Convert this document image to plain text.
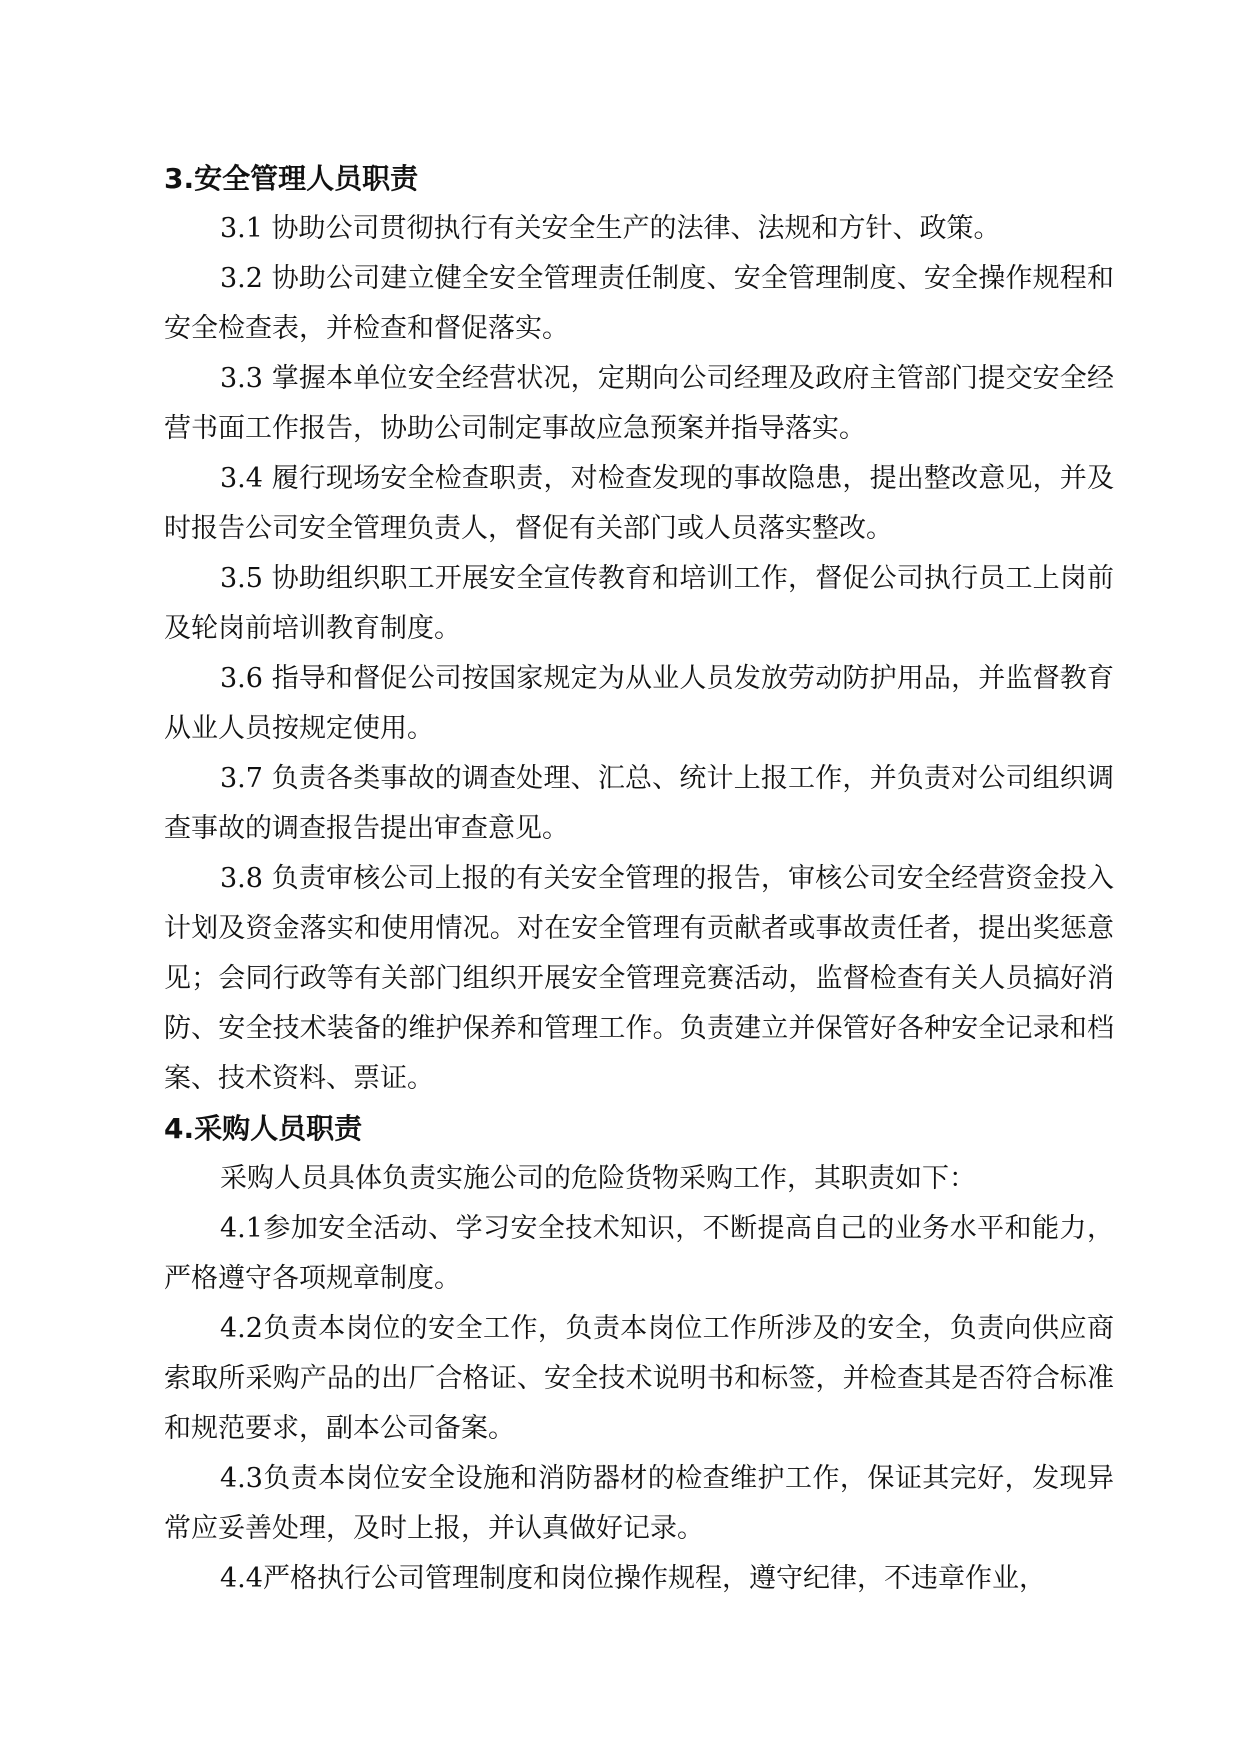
3.安全管理人员职责

3.1 协助公司贯彻执行有关安全生产的法律、法规和方针、政策。

3.2 协助公司建立健全安全管理责任制度、安全管理制度、安全操作规程和安全检查表，并检查和督促落实。

3.3 掌握本单位安全经营状况，定期向公司经理及政府主管部门提交安全经营书面工作报告，协助公司制定事故应急预案并指导落实。

3.4 履行现场安全检查职责，对检查发现的事故隐患，提出整改意见，并及时报告公司安全管理负责人，督促有关部门或人员落实整改。

3.5 协助组织职工开展安全宣传教育和培训工作，督促公司执行员工上岗前及轮岗前培训教育制度。

3.6 指导和督促公司按国家规定为从业人员发放劳动防护用品，并监督教育从业人员按规定使用。

3.7 负责各类事故的调查处理、汇总、统计上报工作，并负责对公司组织调查事故的调查报告提出审查意见。

3.8 负责审核公司上报的有关安全管理的报告，审核公司安全经营资金投入计划及资金落实和使用情况。对在安全管理有贡献者或事故责任者，提出奖惩意见；会同行政等有关部门组织开展安全管理竞赛活动，监督检查有关人员搞好消防、安全技术装备的维护保养和管理工作。负责建立并保管好各种安全记录和档案、技术资料、票证。

4.采购人员职责

采购人员具体负责实施公司的危险货物采购工作，其职责如下：

4.1参加安全活动、学习安全技术知识，不断提高自己的业务水平和能力，严格遵守各项规章制度。

4.2负责本岗位的安全工作，负责本岗位工作所涉及的安全，负责向供应商索取所采购产品的出厂合格证、安全技术说明书和标签，并检查其是否符合标准和规范要求，副本公司备案。

4.3负责本岗位安全设施和消防器材的检查维护工作，保证其完好，发现异常应妥善处理，及时上报，并认真做好记录。

4.4严格执行公司管理制度和岗位操作规程，遵守纪律，不违章作业，
